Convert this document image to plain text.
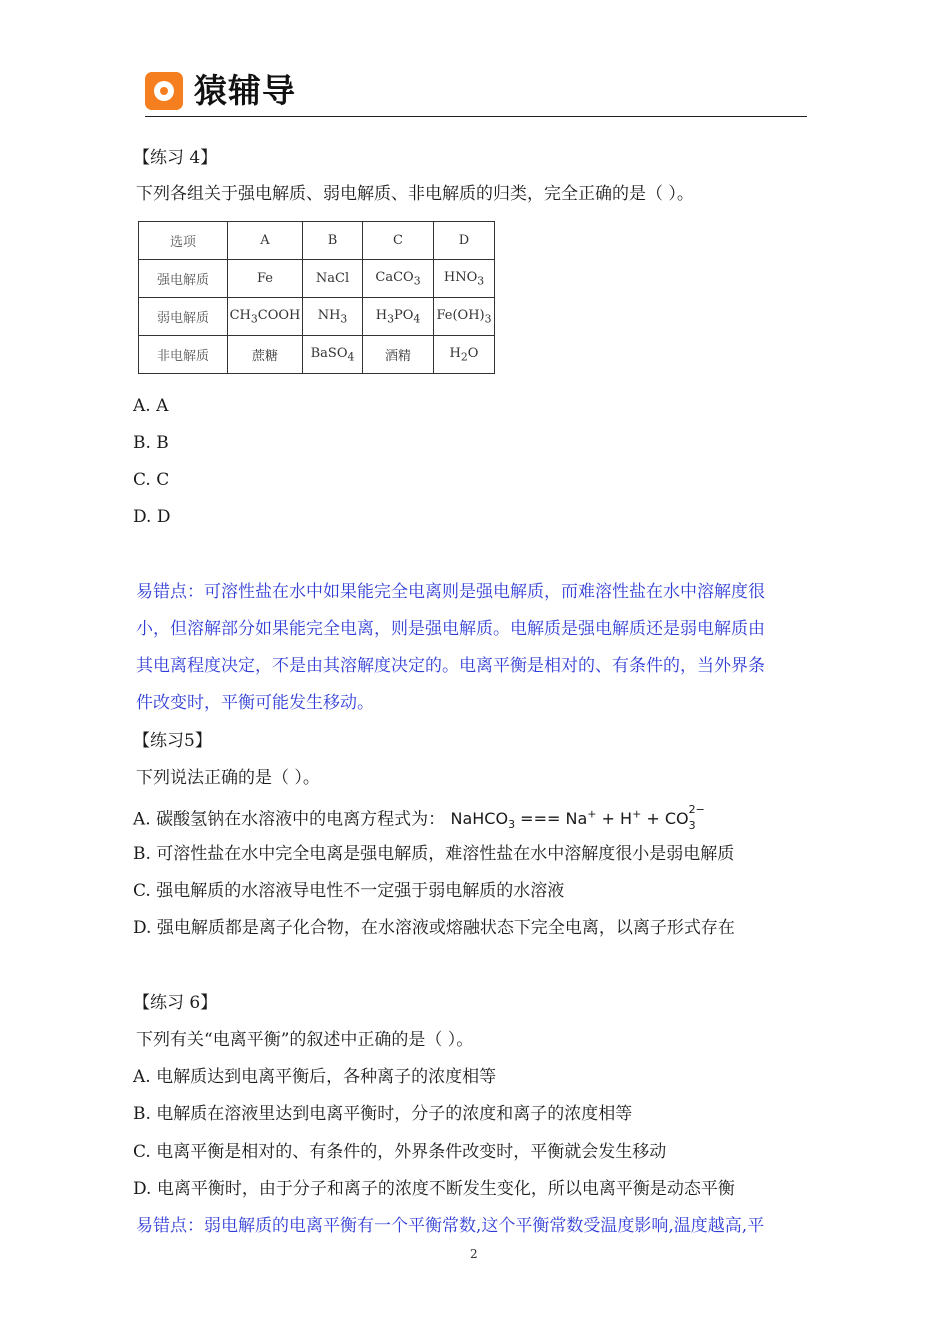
猿辅导
【练习 4】
下列各组关于强电解质、弱电解质、非电解质的归类，完全正确的是（ ）。
选项	A	B	C	D
强电解质	Fe	NaCl	CaCO$_3$	$HNO_3$
弱电解质	$CH_3COOH$	$NH_3$	$H_3PO_4$	$Fe(OH)_3$
非电解质	蔗糖	BaSO$_4$	酒精	$H_2O$
A. A
B. B
C. C
D. D
易错点：可溶性盐在水中如果能完全电离则是强电解质，而难溶性盐在水中溶解度很
小，但溶解部分如果能完全电离，则是强电解质。电解质是强电解质还是弱电解质由
其电离程度决定，不是由其溶解度决定的。电离平衡是相对的、有条件的，当外界条
件改变时，平衡可能发生移动。
【练习5】
下列说法正确的是（ ）。
A. 碳酸氢钠在水溶液中的电离方程式为： NaHCO$_3$ === Na+ + H+ + CO 2−
3
B. 可溶性盐在水中完全电离是强电解质，难溶性盐在水中溶解度很小是弱电解质
C. 强电解质的水溶液导电性不一定强于弱电解质的水溶液
D. 强电解质都是离子化合物，在水溶液或熔融状态下完全电离，以离子形式存在
【练习 6】
下列有关“电离平衡”的叙述中正确的是（ ）。
A. 电解质达到电离平衡后，各种离子的浓度相等
B. 电解质在溶液里达到电离平衡时，分子的浓度和离子的浓度相等
C. 电离平衡是相对的、有条件的，外界条件改变时，平衡就会发生移动
D. 电离平衡时，由于分子和离子的浓度不断发生变化，所以电离平衡是动态平衡
易错点：弱电解质的电离平衡有一个平衡常数,这个平衡常数受温度影响,温度越高,平
2
